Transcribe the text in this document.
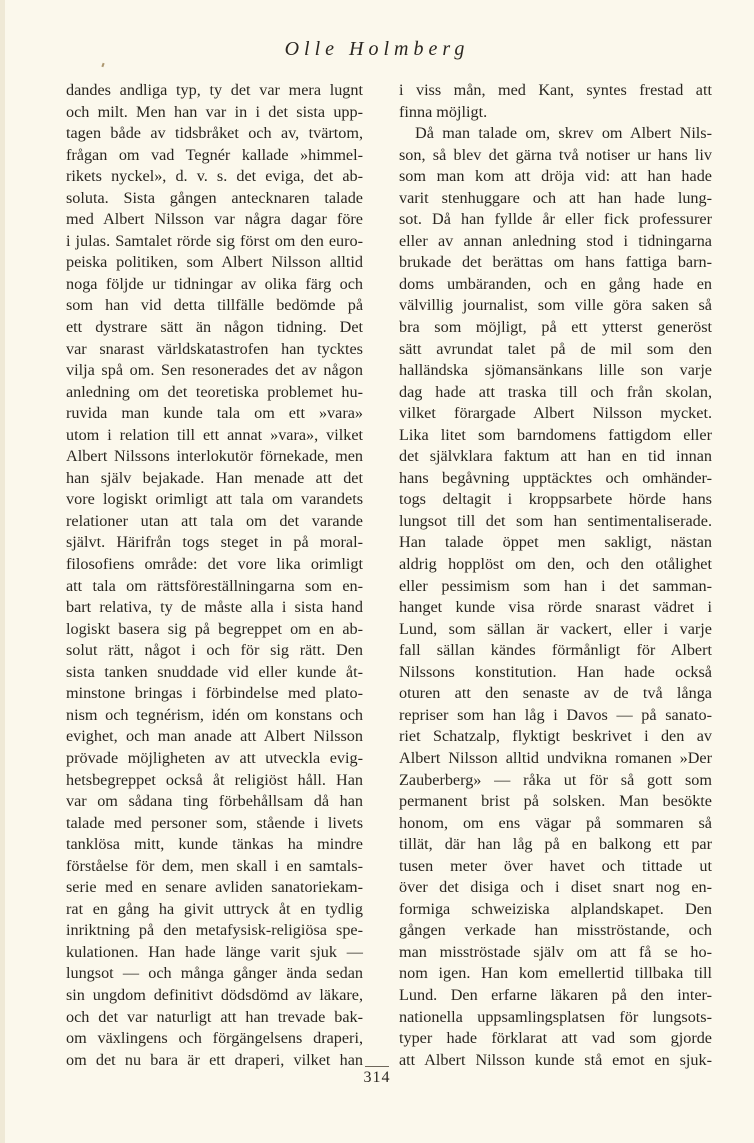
Olle Holmberg
dandes andliga typ, ty det var mera lugnt
och milt. Men han var in i det sista upp-
tagen både av tidsbråket och av, tvärtom,
frågan om vad Tegnér kallade »himmel-
rikets nyckel», d. v. s. det eviga, det ab-
soluta. Sista gången antecknaren talade
med Albert Nilsson var några dagar före
i julas. Samtalet rörde sig först om den euro-
peiska politiken, som Albert Nilsson alltid
noga följde ur tidningar av olika färg och
som han vid detta tillfälle bedömde på
ett dystrare sätt än någon tidning. Det
var snarast världskatastrofen han tycktes
vilja spå om. Sen resonerades det av någon
anledning om det teoretiska problemet hu-
ruvida man kunde tala om ett »vara»
utom i relation till ett annat »vara», vilket
Albert Nilssons interlokutör förnekade, men
han själv bejakade. Han menade att det
vore logiskt orimligt att tala om varandets
relationer utan att tala om det varande
självt. Härifrån togs steget in på moral-
filosofiens område: det vore lika orimligt
att tala om rättsföreställningarna som en-
bart relativa, ty de måste alla i sista hand
logiskt basera sig på begreppet om en ab-
solut rätt, något i och för sig rätt. Den
sista tanken snuddade vid eller kunde åt-
minstone bringas i förbindelse med plato-
nism och tegnérism, idén om konstans och
evighet, och man anade att Albert Nilsson
prövade möjligheten av att utveckla evig-
hetsbegreppet också åt religiöst håll. Han
var om sådana ting förbehållsam då han
talade med personer som, stående i livets
tanklösa mitt, kunde tänkas ha mindre
förståelse för dem, men skall i en samtals-
serie med en senare avliden sanatoriekam-
rat en gång ha givit uttryck åt en tydlig
inriktning på den metafysisk-religiösa spe-
kulationen. Han hade länge varit sjuk —
lungsot — och många gånger ända sedan
sin ungdom definitivt dödsdömd av läkare,
och det var naturligt att han trevade bak-
om växlingens och förgängelsens draperi,
om det nu bara är ett draperi, vilket han
i viss mån, med Kant, syntes frestad att
finna möjligt.
Då man talade om, skrev om Albert Nils-
son, så blev det gärna två notiser ur hans liv
som man kom att dröja vid: att han hade
varit stenhuggare och att han hade lung-
sot. Då han fyllde år eller fick professurer
eller av annan anledning stod i tidningarna
brukade det berättas om hans fattiga barn-
doms umbäranden, och en gång hade en
välvillig journalist, som ville göra saken så
bra som möjligt, på ett ytterst generöst
sätt avrundat talet på de mil som den
halländska sjömansänkans lille son varje
dag hade att traska till och från skolan,
vilket förargade Albert Nilsson mycket.
Lika litet som barndomens fattigdom eller
det självklara faktum att han en tid innan
hans begåvning upptäcktes och omhänder-
togs deltagit i kroppsarbete hörde hans
lungsot till det som han sentimentaliserade.
Han talade öppet men sakligt, nästan
aldrig hopplöst om den, och den otålighet
eller pessimism som han i det samman-
hanget kunde visa rörde snarast vädret i
Lund, som sällan är vackert, eller i varje
fall sällan kändes förmånligt för Albert
Nilssons konstitution. Han hade också
oturen att den senaste av de två långa
repriser som han låg i Davos — på sanato-
riet Schatzalp, flyktigt beskrivet i den av
Albert Nilsson alltid undvikna romanen »Der
Zauberberg» — råka ut för så gott som
permanent brist på solsken. Man besökte
honom, om ens vägar på sommaren så
tillät, där han låg på en balkong ett par
tusen meter över havet och tittade ut
över det disiga och i diset snart nog en-
formiga schweiziska alplandskapet. Den
gången verkade han misströstande, och
man misströstade själv om att få se ho-
nom igen. Han kom emellertid tillbaka till
Lund. Den erfarne läkaren på den inter-
nationella uppsamlingsplatsen för lungsots-
typer hade förklarat att vad som gjorde
att Albert Nilsson kunde stå emot en sjuk-
314
